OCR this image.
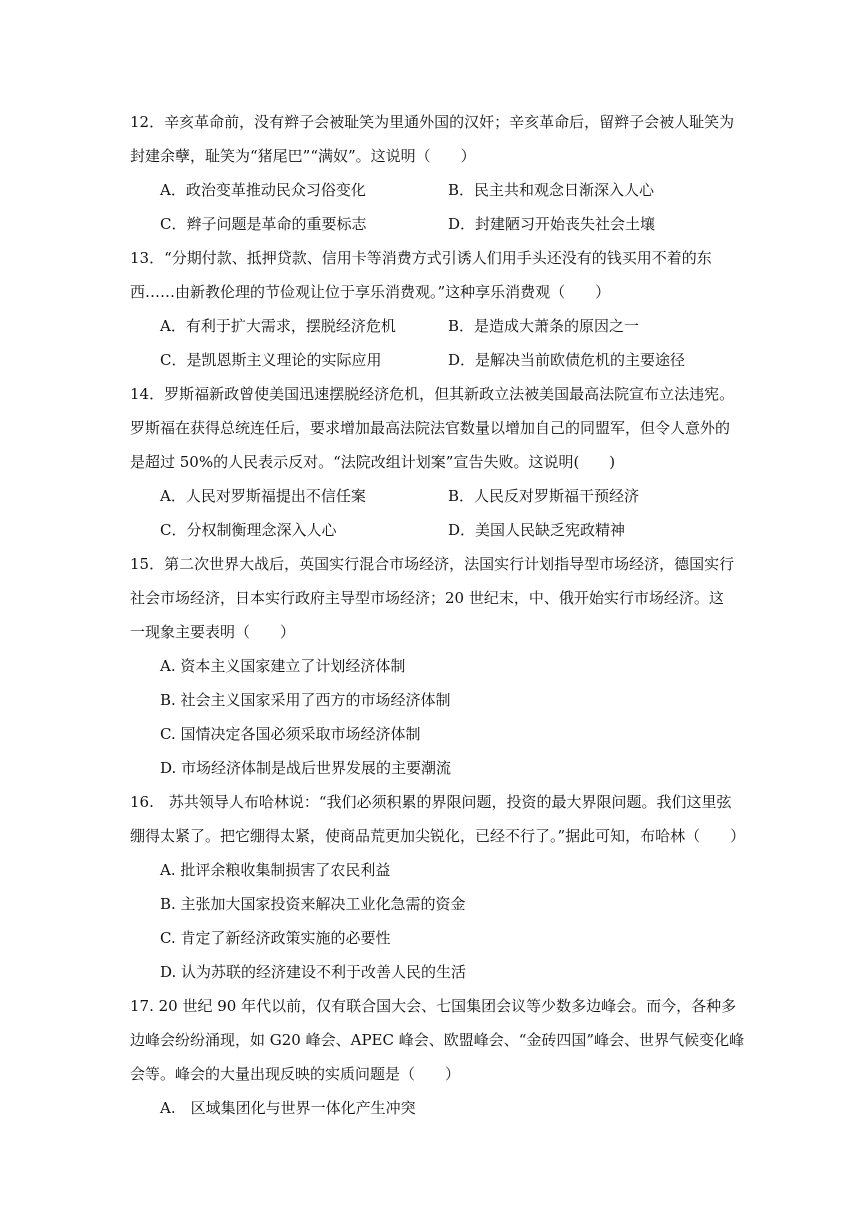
12．辛亥革命前，没有辫子会被耻笑为里通外国的汉奸；辛亥革命后，留辫子会被人耻笑为
封建余孽，耻笑为“猪尾巴”“满奴”。这说明（　　）
A．政治变革推动民众习俗变化	B．民主共和观念日渐深入人心
C．辫子问题是革命的重要标志	D．封建陋习开始丧失社会土壤
13．“分期付款、抵押贷款、信用卡等消费方式引诱人们用手头还没有的钱买用不着的东
西……由新教伦理的节俭观让位于享乐消费观。”这种享乐消费观（　　）
A．有利于扩大需求，摆脱经济危机	B．是造成大萧条的原因之一
C．是凯恩斯主义理论的实际应用	D．是解决当前欧债危机的主要途径
14．罗斯福新政曾使美国迅速摆脱经济危机，但其新政立法被美国最高法院宣布立法违宪。
罗斯福在获得总统连任后，要求增加最高法院法官数量以增加自己的同盟军，但令人意外的
是超过 50%的人民表示反对。“法院改组计划案”宣告失败。这说明(　　)
A．人民对罗斯福提出不信任案	B．人民反对罗斯福干预经济
C．分权制衡理念深入人心	D．美国人民缺乏宪政精神
15．第二次世界大战后，英国实行混合市场经济，法国实行计划指导型市场经济，德国实行
社会市场经济，日本实行政府主导型市场经济；20 世纪末，中、俄开始实行市场经济。这
一现象主要表明（　　）
A. 资本主义国家建立了计划经济体制
B. 社会主义国家采用了西方的市场经济体制
C. 国情决定各国必须采取市场经济体制
D. 市场经济体制是战后世界发展的主要潮流
16.　苏共领导人布哈林说：“我们必须积累的界限问题，投资的最大界限问题。我们这里弦
绷得太紧了。把它绷得太紧，使商品荒更加尖锐化，已经不行了。”据此可知，布哈林（　　）
A. 批评余粮收集制损害了农民利益
B. 主张加大国家投资来解决工业化急需的资金
C. 肯定了新经济政策实施的必要性
D. 认为苏联的经济建设不利于改善人民的生活
17. 20 世纪 90 年代以前，仅有联合国大会、七国集团会议等少数多边峰会。而今，各种多
边峰会纷纷涌现，如 G20 峰会、APEC 峰会、欧盟峰会、“金砖四国”峰会、世界气候变化峰
会等。峰会的大量出现反映的实质问题是（　　）
A.　区域集团化与世界一体化产生冲突
